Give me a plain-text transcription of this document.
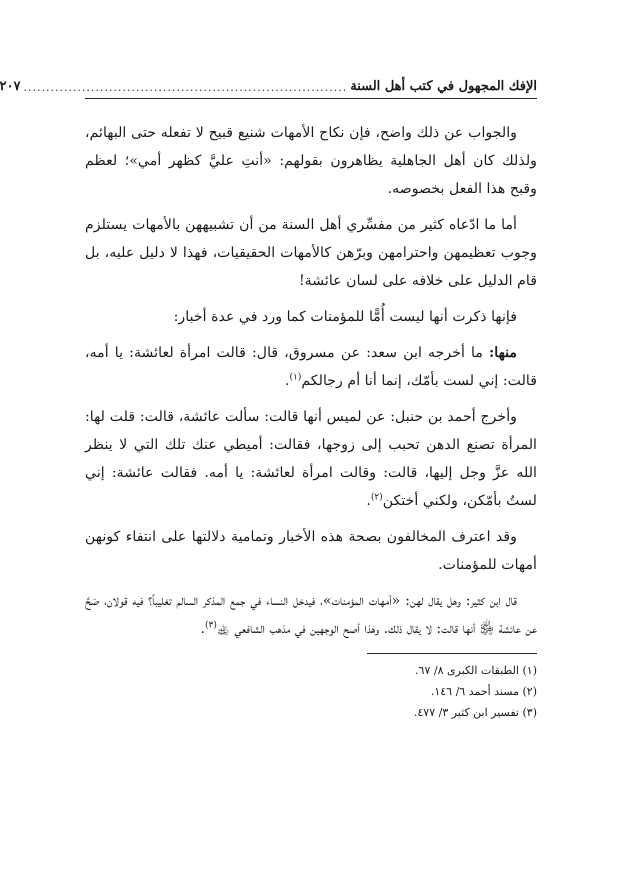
الإفك المجهول في كتب أهل السنة
........................................................................
٢٠٧

والجواب عن ذلك واضح، فإن نكاح الأمهات شنيع قبيح لا تفعله حتى البهائم، ولذلك كان أهل الجاهلية يظاهرون بقولهم: «أنتِ عليَّ كظهر أمي»؛ لعظم وقبح هذا الفعل بخصوصه.

أما ما ادّعاه كثير من مفسِّري أهل السنة من أن تشبيههن بالأمهات يستلزم وجوب تعظيمهن واحترامهن وبرّهن كالأمهات الحقيقيات، فهذا لا دليل عليه، بل قام الدليل على خلافه على لسان عائشة!

فإنها ذكرت أنها ليست أُمًّا للمؤمنات كما ورد في عدة أخبار:

منها: ما أخرجه ابن سعد: عن مسروق، قال: قالت امرأة لعائشة: يا أمه، قالت: إني لست بأمّك، إنما أنا أم رجالكم$^{(١)}$.

وأخرج أحمد بن حنبل: عن لميس أنها قالت: سألت عائشة، قالت: قلت لها: المرأة تصنع الدهن تحبب إلى زوجها، فقالت: أميطي عنك تلك التي لا ينظر الله عزَّ وجل إليها، قالت: وقالت امرأة لعائشة: يا أمه. فقالت عائشة: إني لستُ بأمّكن، ولكني أختكن$^{(٢)}$.

وقد اعترف المخالفون بصحة هذه الأخبار وتمامية دلالتها على انتفاء كونهن أمهات للمؤمنات.

قال ابن كثير: وهل يقال لهن: «أمهات المؤمنات»، فيدخل النساء في جمع المذكر السالم تغليباً؟ فيه قولان، صَحَّ عن عائشة ﵂ أنها قالت: لا يقال ذلك. وهذا أصح الوجهين في مذهب الشافعي ﵀$^{(٣)}$.

(١) الطبقات الكبرى ٨/ ٦٧.
(٢) مسند أحمد ٦/ ١٤٦.
(٣) تفسير ابن كثير ٣/ ٤٧٧.
